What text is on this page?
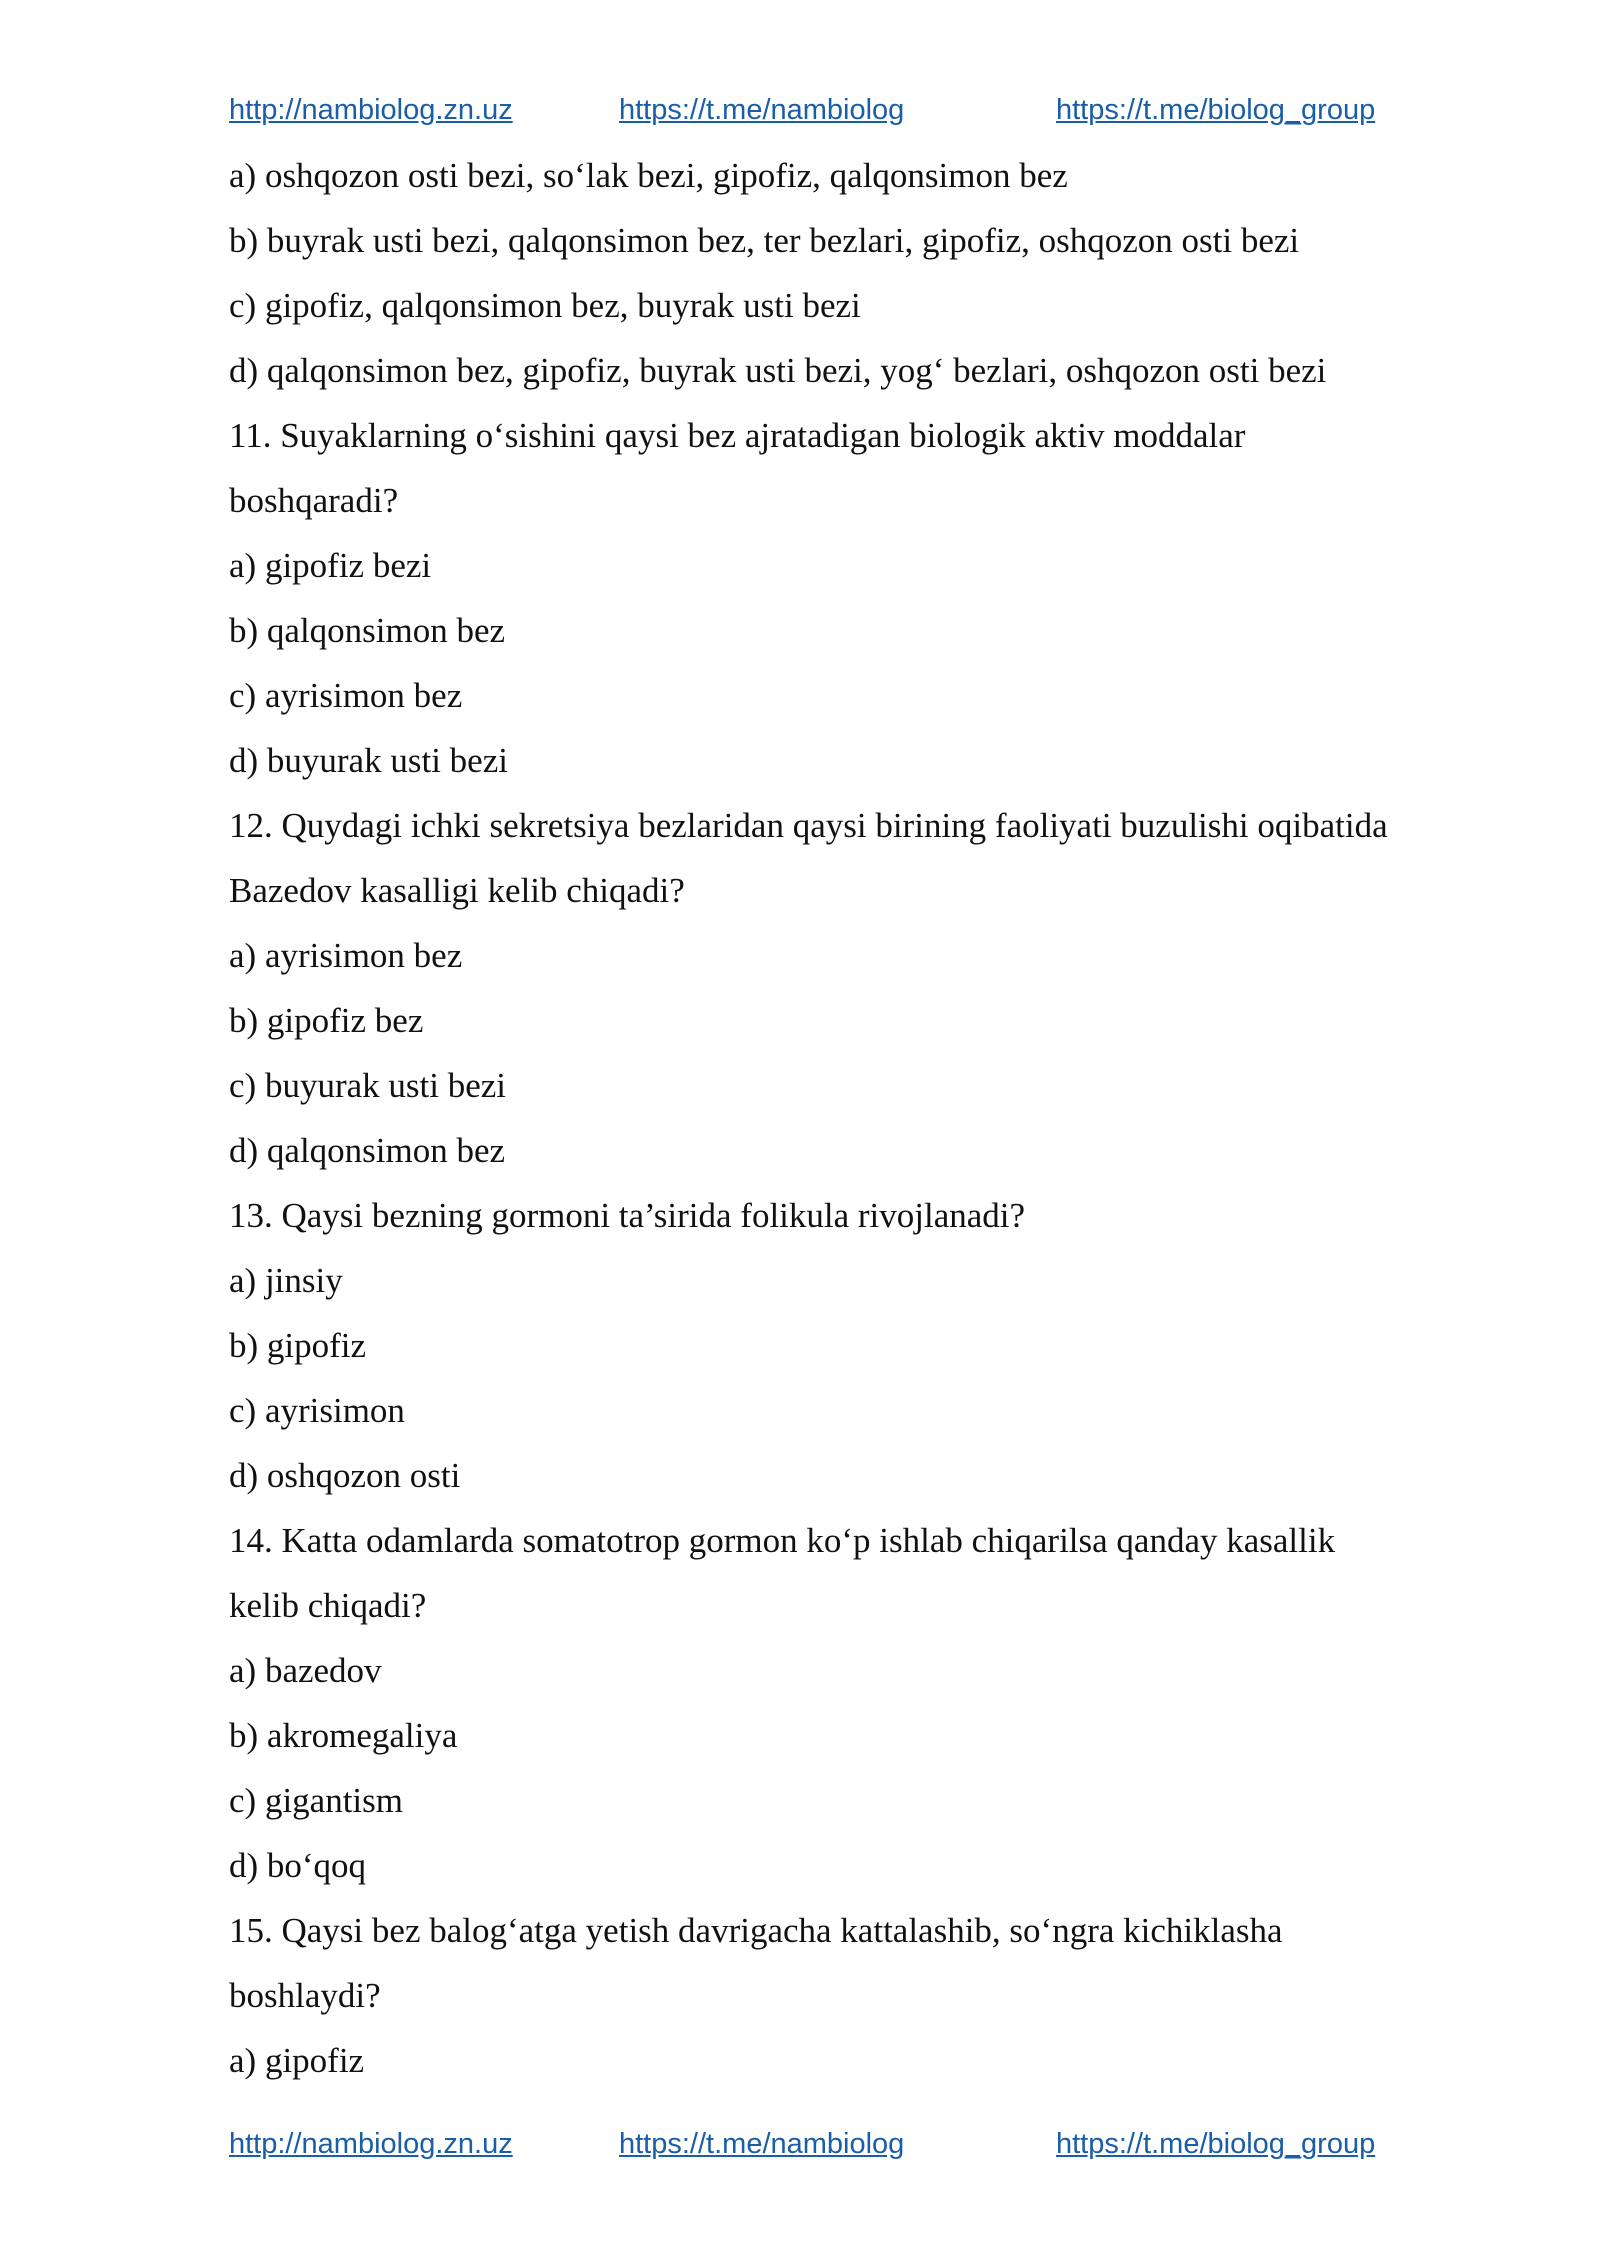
http://nambiolog.zn.uz	https://t.me/nambiolog	https://t.me/biolog_group
a) oshqozon osti bezi, so‘lak bezi, gipofiz, qalqonsimon bez
b) buyrak usti bezi, qalqonsimon bez, ter bezlari, gipofiz, oshqozon osti bezi
c) gipofiz, qalqonsimon bez, buyrak usti bezi
d) qalqonsimon bez, gipofiz, buyrak usti bezi, yog‘ bezlari, oshqozon osti bezi
11. Suyaklarning o‘sishini qaysi bez ajratadigan biologik aktiv moddalar
boshqaradi?
a) gipofiz bezi
b) qalqonsimon bez
c) ayrisimon bez
d) buyurak usti bezi
12. Quydagi ichki sekretsiya bezlaridan qaysi birining faoliyati buzulishi oqibatida
Bazedov kasalligi kelib chiqadi?
a) ayrisimon bez
b) gipofiz bez
c) buyurak usti bezi
d) qalqonsimon bez
13. Qaysi bezning gormoni ta’sirida folikula rivojlanadi?
a) jinsiy
b) gipofiz
c) ayrisimon
d) oshqozon osti
14. Katta odamlarda somatotrop gormon ko‘p ishlab chiqarilsa qanday kasallik
kelib chiqadi?
a) bazedov
b) akromegaliya
c) gigantism
d) bo‘qoq
15. Qaysi bez balog‘atga yetish davrigacha kattalashib, so‘ngra kichiklasha
boshlaydi?
a) gipofiz
http://nambiolog.zn.uz	https://t.me/nambiolog	https://t.me/biolog_group
